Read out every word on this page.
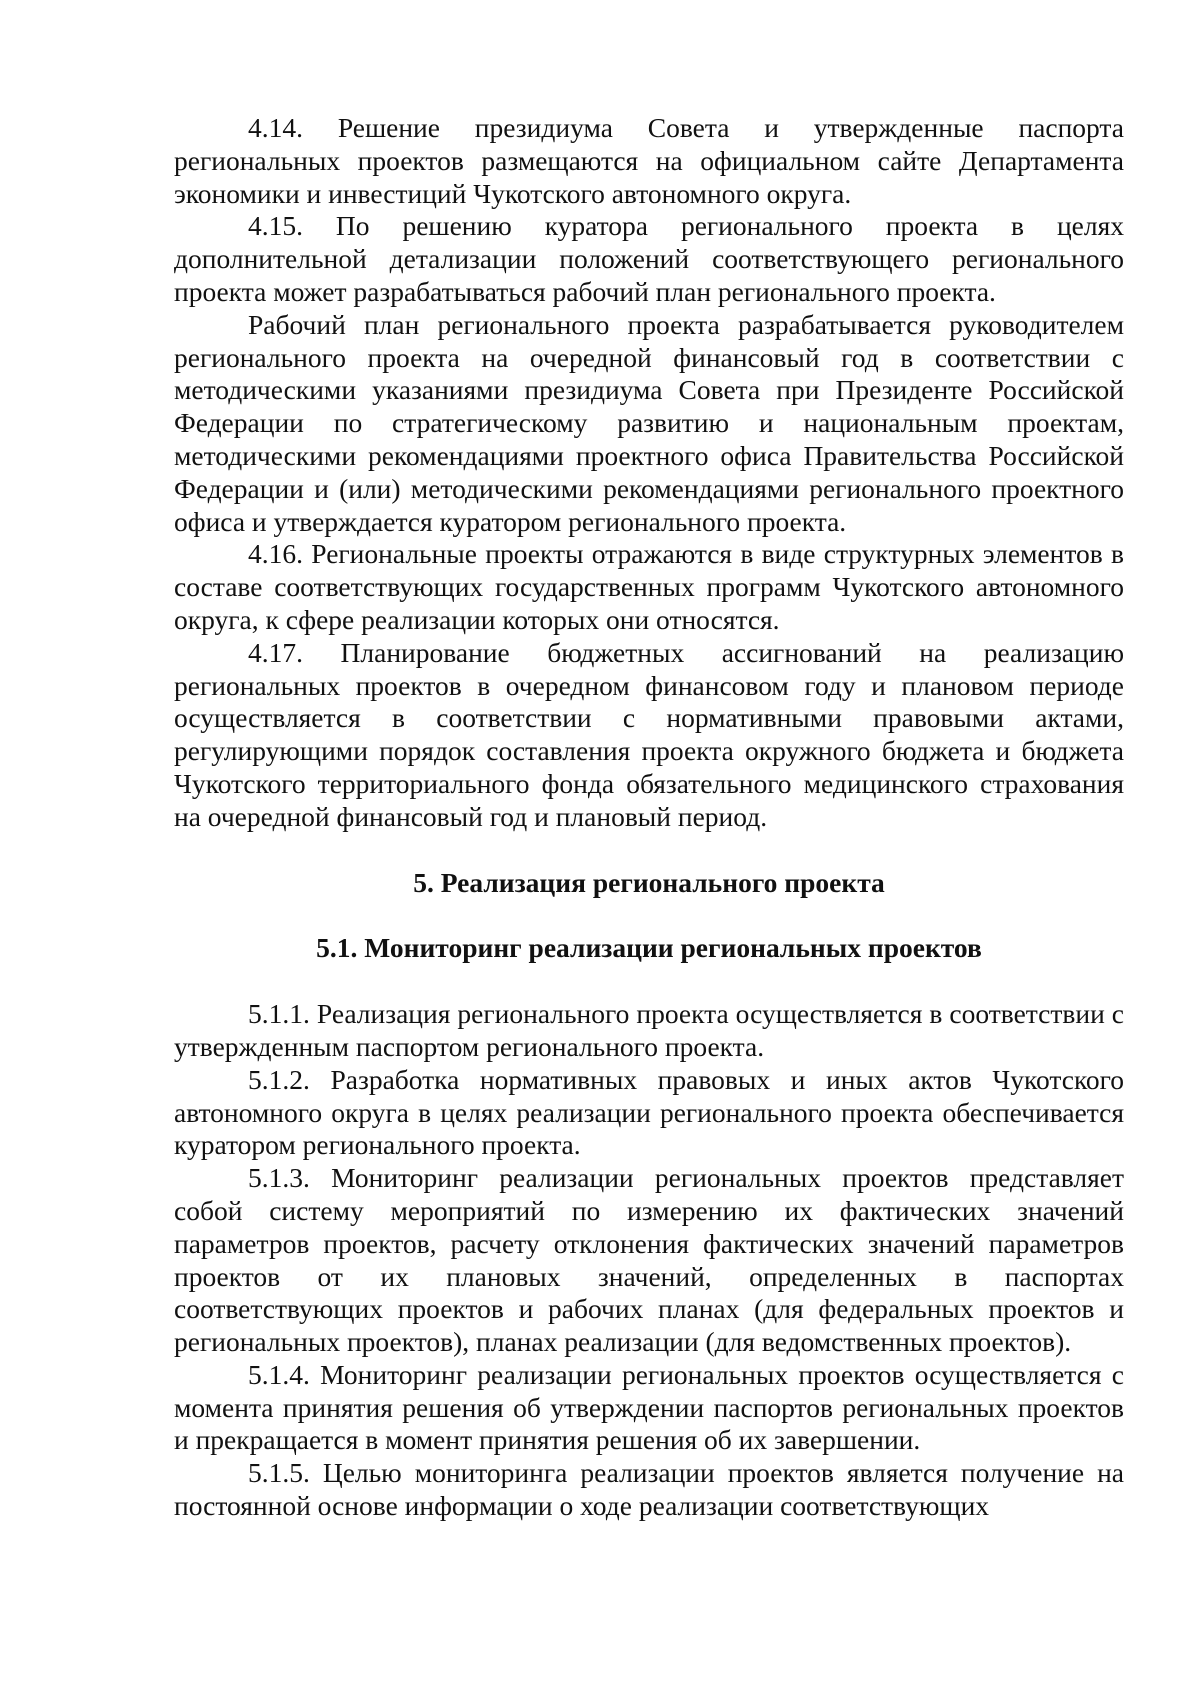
4.14. Решение президиума Совета и утвержденные паспорта региональных проектов размещаются на официальном сайте Департамента экономики и инвестиций Чукотского автономного округа.

4.15. По решению куратора регионального проекта в целях дополнительной детализации положений соответствующего регионального проекта может разрабатываться рабочий план регионального проекта.

Рабочий план регионального проекта разрабатывается руководителем регионального проекта на очередной финансовый год в соответствии с методическими указаниями президиума Совета при Президенте Российской Федерации по стратегическому развитию и национальным проектам, методическими рекомендациями проектного офиса Правительства Российской Федерации и (или) методическими рекомендациями регионального проектного офиса и утверждается куратором регионального проекта.

4.16. Региональные проекты отражаются в виде структурных элементов в составе соответствующих государственных программ Чукотского автономного округа, к сфере реализации которых они относятся.

4.17. Планирование бюджетных ассигнований на реализацию региональных проектов в очередном финансовом году и плановом периоде осуществляется в соответствии с нормативными правовыми актами, регулирующими порядок составления проекта окружного бюджета и бюджета Чукотского территориального фонда обязательного медицинского страхования на очередной финансовый год и плановый период.

5. Реализация регионального проекта

5.1. Мониторинг реализации региональных проектов

5.1.1. Реализация регионального проекта осуществляется в соответствии с утвержденным паспортом регионального проекта.

5.1.2. Разработка нормативных правовых и иных актов Чукотского автономного округа в целях реализации регионального проекта обеспечивается куратором регионального проекта.

5.1.3. Мониторинг реализации региональных проектов представляет собой систему мероприятий по измерению их фактических значений параметров проектов, расчету отклонения фактических значений параметров проектов от их плановых значений, определенных в паспортах соответствующих проектов и рабочих планах (для федеральных проектов и региональных проектов), планах реализации (для ведомственных проектов).

5.1.4. Мониторинг реализации региональных проектов осуществляется с момента принятия решения об утверждении паспортов региональных проектов и прекращается в момент принятия решения об их завершении.

5.1.5. Целью мониторинга реализации проектов является получение на постоянной основе информации о ходе реализации соответствующих
